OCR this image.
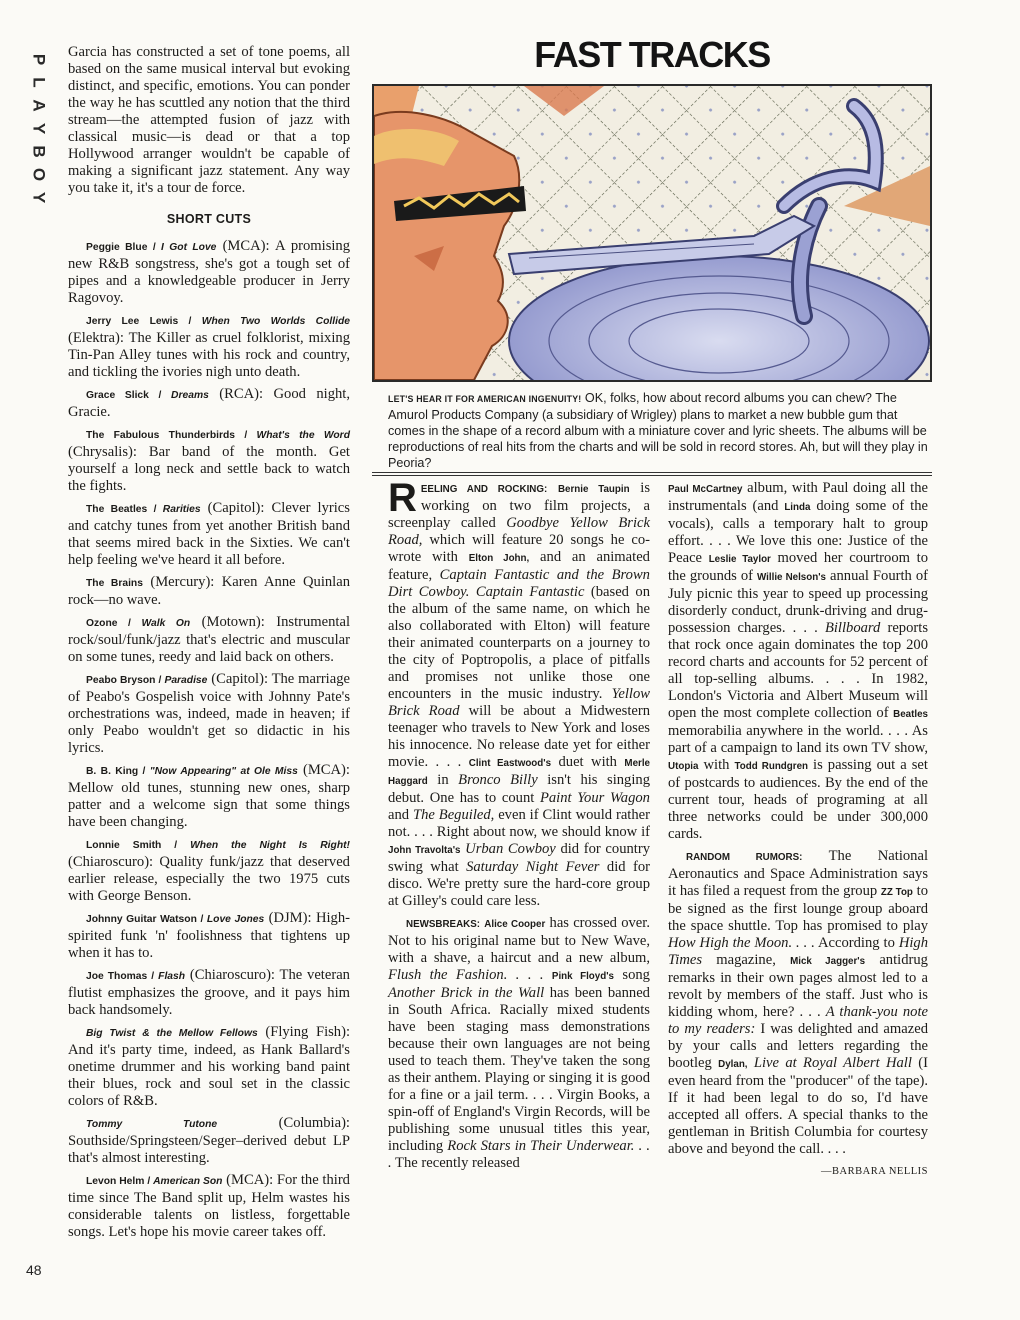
P
L
A
Y
B
O
Y
48

Garcia has constructed a set of tone poems, all based on the same musical interval but evoking distinct, and specific, emotions. You can ponder the way he has scuttled any notion that the third stream—the attempted fusion of jazz with classical music—is dead or that a top Hollywood arranger wouldn't be capable of making a significant jazz statement. Any way you take it, it's a tour de force.

SHORT CUTS

Peggie Blue / I Got Love (MCA): A promising new R&B songstress, she's got a tough set of pipes and a knowledgeable producer in Jerry Ragovoy.

Jerry Lee Lewis / When Two Worlds Collide (Elektra): The Killer as cruel folklorist, mixing Tin-Pan Alley tunes with his rock and country, and tickling the ivories nigh unto death.

Grace Slick / Dreams (RCA): Good night, Gracie.

The Fabulous Thunderbirds / What's the Word (Chrysalis): Bar band of the month. Get yourself a long neck and settle back to watch the fights.

The Beatles / Rarities (Capitol): Clever lyrics and catchy tunes from yet another British band that seems mired back in the Sixties. We can't help feeling we've heard it all before.

The Brains (Mercury): Karen Anne Quinlan rock—no wave.

Ozone / Walk On (Motown): Instrumental rock/soul/funk/jazz that's electric and muscular on some tunes, reedy and laid back on others.

Peabo Bryson / Paradise (Capitol): The marriage of Peabo's Gospelish voice with Johnny Pate's orchestrations was, indeed, made in heaven; if only Peabo wouldn't get so didactic in his lyrics.

B. B. King / "Now Appearing" at Ole Miss (MCA): Mellow old tunes, stunning new ones, sharp patter and a welcome sign that some things have been changing.

Lonnie Smith / When the Night Is Right! (Chiaroscuro): Quality funk/jazz that deserved earlier release, especially the two 1975 cuts with George Benson.

Johnny Guitar Watson / Love Jones (DJM): High-spirited funk 'n' foolishness that tightens up when it has to.

Joe Thomas / Flash (Chiaroscuro): The veteran flutist emphasizes the groove, and it pays him back handsomely.

Big Twist & the Mellow Fellows (Flying Fish): And it's party time, indeed, as Hank Ballard's onetime drummer and his working band paint their blues, rock and soul set in the classic colors of R&B.

Tommy Tutone	(Columbia): Southside/Springsteen/Seger–derived debut LP that's almost interesting.

Levon Helm / American Son (MCA): For the third time since The Band split up, Helm wastes his considerable talents on listless, forgettable songs. Let's hope his movie career takes off.

FAST TRACKS
LET'S HEAR IT FOR AMERICAN INGENUITY! OK, folks, how about record albums you can chew? The Amurol Products Company (a subsidiary of Wrigley) plans to market a new bubble gum that comes in the shape of a record album with a miniature cover and lyric sheets. The albums will be reproductions of real hits from the charts and will be sold in record stores. Ah, but will they play in Peoria?

REELING AND ROCKING: Bernie Taupin is working on two film projects, a screenplay called Goodbye Yellow Brick Road, which will feature 20 songs he co-wrote with Elton John, and an animated feature, Captain Fantastic and the Brown Dirt Cowboy. Captain Fantastic (based on the album of the same name, on which he also collaborated with Elton) will feature their animated counterparts on a journey to the city of Poptropolis, a place of pitfalls and promises not unlike those one encounters in the music industry. Yellow Brick Road will be about a Midwestern teenager who travels to New York and loses his innocence. No release date yet for either movie. . . . Clint Eastwood's duet with Merle Haggard in Bronco Billy isn't his singing debut. One has to count Paint Your Wagon and The Beguiled, even if Clint would rather not. . . . Right about now, we should know if John Travolta's Urban Cowboy did for country swing what Saturday Night Fever did for disco. We're pretty sure the hard-core group at Gilley's could care less.

NEWSBREAKS: Alice Cooper has crossed over. Not to his original name but to New Wave, with a shave, a haircut and a new album, Flush the Fashion. . . . Pink Floyd's song Another Brick in the Wall has been banned in South Africa. Racially mixed students have been staging mass demonstrations because their own languages are not being used to teach them. They've taken the song as their anthem. Playing or singing it is good for a fine or a jail term. . . . Virgin Books, a spin-off of England's Virgin Records, will be publishing some unusual titles this year, including Rock Stars in Their Underwear. . . . The recently released

Paul McCartney album, with Paul doing all the instrumentals (and Linda doing some of the vocals), calls a temporary halt to group effort. . . . We love this one: Justice of the Peace Leslie Taylor moved her courtroom to the grounds of Willie Nelson's annual Fourth of July picnic this year to speed up processing disorderly conduct, drunk-driving and drug-possession charges. . . . Billboard reports that rock once again dominates the top 200 record charts and accounts for 52 percent of all top-selling albums. . . . In 1982, London's Victoria and Albert Museum will open the most complete collection of Beatles memorabilia anywhere in the world. . . . As part of a campaign to land its own TV show, Utopia with Todd Rundgren is passing out a set of postcards to audiences. By the end of the current tour, heads of programing at all three networks could be under 300,000 cards.

RANDOM RUMORS: The National Aeronautics and Space Administration says it has filed a request from the group ZZ Top to be signed as the first lounge group aboard the space shuttle. Top has promised to play How High the Moon. . . . According to High Times magazine, Mick Jagger's antidrug remarks in their own pages almost led to a revolt by members of the staff. Just who is kidding whom, here? . . . A thank-you note to my readers: I was delighted and amazed by your calls and letters regarding the bootleg Dylan, Live at Royal Albert Hall (I even heard from the "producer" of the tape). If it had been legal to do so, I'd have accepted all offers. A special thanks to the gentleman in British Columbia for courtesy above and beyond the call. . . .

—BARBARA NELLIS
